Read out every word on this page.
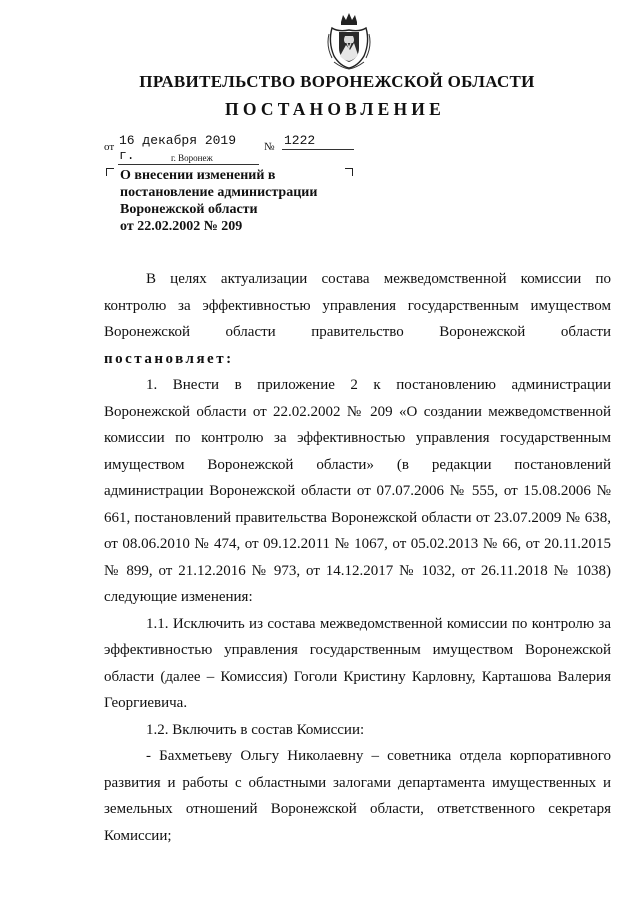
ПРАВИТЕЛЬСТВО ВОРОНЕЖСКОЙ ОБЛАСТИ
ПОСТАНОВЛЕНИЕ
от 16 декабря 2019 г.
№ 1222
г. Воронеж
О внесении изменений в
постановление администрации
Воронежской области
от 22.02.2002 № 209

В целях актуализации состава межведомственной комиссии по контролю за эффективностью управления государственным имуществом Воронежской области правительство Воронежской области

постановляет:

1. Внести в приложение 2 к постановлению администрации Воронежской области от 22.02.2002 № 209 «О создании межведомственной комиссии по контролю за эффективностью управления государственным имуществом Воронежской области» (в редакции постановлений администрации Воронежской области от 07.07.2006 № 555, от 15.08.2006 № 661, постановлений правительства Воронежской области от 23.07.2009 № 638, от 08.06.2010 № 474, от 09.12.2011 № 1067, от 05.02.2013 № 66, от 20.11.2015 № 899, от 21.12.2016 № 973, от 14.12.2017 № 1032, от 26.11.2018 № 1038) следующие изменения:

1.1. Исключить из состава межведомственной комиссии по контролю за эффективностью управления государственным имуществом Воронежской области (далее – Комиссия) Гоголи Кристину Карловну, Карташова Валерия Георгиевича.

1.2. Включить в состав Комиссии:

- Бахметьеву Ольгу Николаевну – советника отдела корпоративного развития и работы с областными залогами департамента имущественных и земельных отношений Воронежской области, ответственного секретаря Комиссии;
